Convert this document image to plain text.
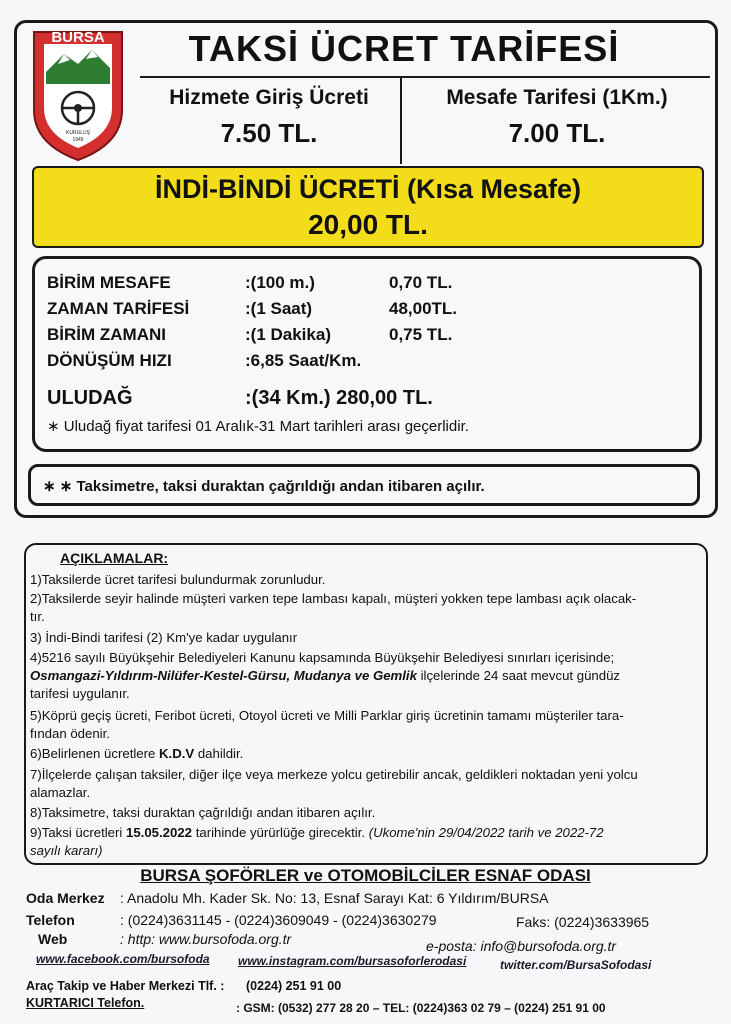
BURSA
KURULUŞ
1949
TAKSİ ÜCRET TARİFESİ
Hizmete Giriş Ücreti
7.50 TL.
Mesafe Tarifesi (1Km.)
7.00 TL.
İNDİ-BİNDİ ÜCRETİ (Kısa Mesafe)
20,00 TL.
BİRİM MESAFE	:(100 m.)	0,70 TL.
ZAMAN TARİFESİ	:(1 Saat)	48,00TL.
BİRİM ZAMANI	:(1 Dakika)	0,75 TL.
DÖNÜŞÜM HIZI	:6,85 Saat/Km.
ULUDAĞ	:(34 Km.) 280,00 TL.
∗ Uludağ fiyat tarifesi 01 Aralık-31 Mart tarihleri arası geçerlidir.
∗ ∗ Taksimetre, taksi duraktan çağrıldığı andan itibaren açılır.
AÇIKLAMALAR:
1)Taksilerde ücret tarifesi bulundurmak zorunludur.
2)Taksilerde seyir halinde müşteri varken tepe lambası kapalı, müşteri yokken tepe lambası açık olacak-
tır.
3) İndi-Bindi tarifesi (2) Km'ye kadar uygulanır
4)5216 sayılı Büyükşehir Belediyeleri Kanunu kapsamında Büyükşehir Belediyesi sınırları içerisinde;
Osmangazi-Yıldırım-Nilüfer-Kestel-Gürsu, Mudanya ve Gemlik ilçelerinde 24 saat mevcut gündüz
tarifesi uygulanır.
5)Köprü geçiş ücreti, Feribot ücreti, Otoyol ücreti ve Milli Parklar giriş ücretinin tamamı müşteriler tara-
fından ödenir.
6)Belirlenen ücretlere K.D.V dahildir.
7)İlçelerde çalışan taksiler, diğer ilçe veya merkeze yolcu getirebilir ancak, geldikleri noktadan yeni yolcu
alamazlar.
8)Taksimetre, taksi duraktan çağrıldığı andan itibaren açılır.
9)Taksi ücretleri 15.05.2022 tarihinde yürürlüğe girecektir. (Ukome'nin 29/04/2022 tarih ve 2022-72
sayılı kararı)
BURSA ŞOFÖRLER ve OTOMOBİLCİLER ESNAF ODASI
Oda Merkez : Anadolu Mh. Kader Sk. No: 13, Esnaf Sarayı Kat: 6 Yıldırım/BURSA
Telefon	: (0224)3631145 - (0224)3609049 - (0224)3630279	Faks: (0224)3633965
Web	: http: www.bursofoda.org.tr	e-posta: info@bursofoda.org.tr
www.facebook.com/bursofoda www.instagram.com/bursasoforlerodasi	twitter.com/BursaSofodasi
Araç Takip ve Haber Merkezi Tlf. : (0224) 251 91 00
KURTARICI Telefon.	: GSM: (0532) 277 28 20 – TEL: (0224)363 02 79 – (0224) 251 91 00
